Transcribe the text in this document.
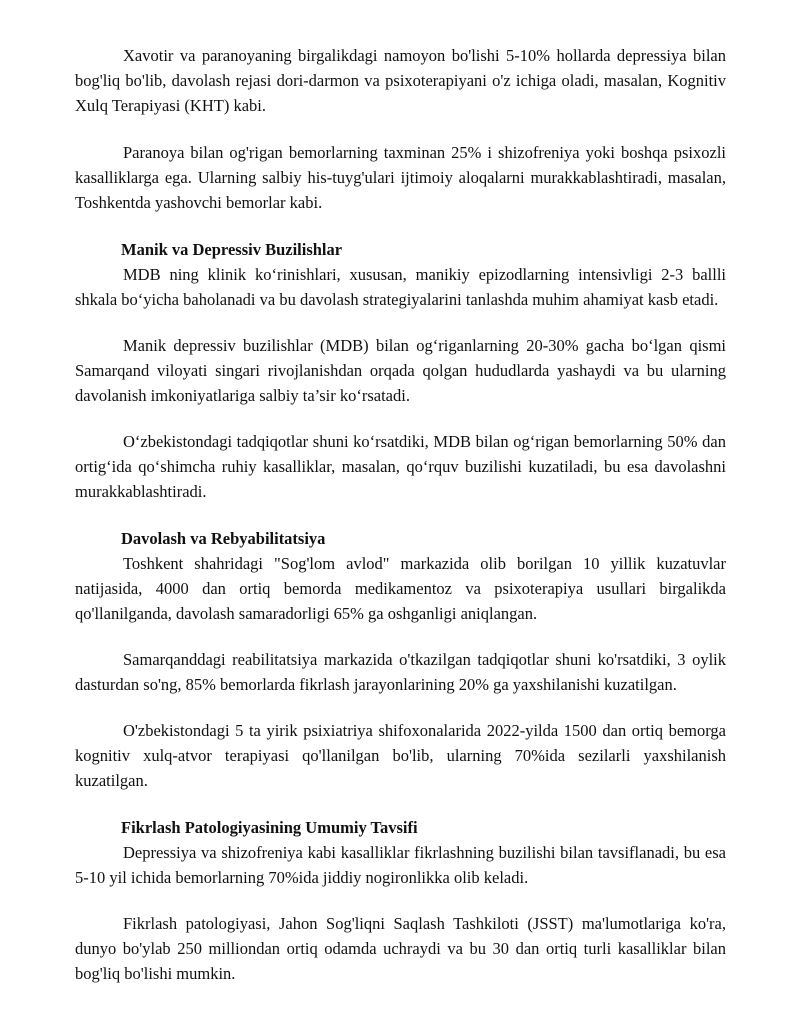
Xavotir va paranoyaning birgalikdagi namoyon bo'lishi 5-10% hollarda depressiya bilan bog'liq bo'lib, davolash rejasi dori-darmon va psixoterapiyani o'z ichiga oladi, masalan, Kognitiv Xulq Terapiyasi (KHT) kabi.

Paranoya bilan og'rigan bemorlarning taxminan 25% i shizofreniya yoki boshqa psixozli kasalliklarga ega. Ularning salbiy his-tuyg'ulari ijtimoiy aloqalarni murakkablashtiradi, masalan, Toshkentda yashovchi bemorlar kabi.

Manik va Depressiv Buzilishlar

MDB ning klinik ko‘rinishlari, xususan, manikiy epizodlarning intensivligi 2-3 ballli shkala bo‘yicha baholanadi va bu davolash strategiyalarini tanlashda muhim ahamiyat kasb etadi.

Manik depressiv buzilishlar (MDB) bilan og‘riganlarning 20-30% gacha bo‘lgan qismi Samarqand viloyati singari rivojlanishdan orqada qolgan hududlarda yashaydi va bu ularning davolanish imkoniyatlariga salbiy ta’sir ko‘rsatadi.

O‘zbekistondagi tadqiqotlar shuni ko‘rsatdiki, MDB bilan og‘rigan bemorlarning 50% dan ortig‘ida qo‘shimcha ruhiy kasalliklar, masalan, qo‘rquv buzilishi kuzatiladi, bu esa davolashni murakkablashtiradi.

Davolash va Rebyabilitatsiya

Toshkent shahridagi "Sog'lom avlod" markazida olib borilgan 10 yillik kuzatuvlar natijasida, 4000 dan ortiq bemorda medikamentoz va psixoterapiya usullari birgalikda qo'llanilganda, davolash samaradorligi 65% ga oshganligi aniqlangan.

Samarqanddagi reabilitatsiya markazida o'tkazilgan tadqiqotlar shuni ko'rsatdiki, 3 oylik dasturdan so'ng, 85% bemorlarda fikrlash jarayonlarining 20% ga yaxshilanishi kuzatilgan.

O'zbekistondagi 5 ta yirik psixiatriya shifoxonalarida 2022-yilda 1500 dan ortiq bemorga kognitiv xulq-atvor terapiyasi qo'llanilgan bo'lib, ularning 70%ida sezilarli yaxshilanish kuzatilgan.

Fikrlash Patologiyasining Umumiy Tavsifi

Depressiya va shizofreniya kabi kasalliklar fikrlashning buzilishi bilan tavsiflanadi, bu esa 5-10 yil ichida bemorlarning 70%ida jiddiy nogironlikka olib keladi.

Fikrlash patologiyasi, Jahon Sog'liqni Saqlash Tashkiloti (JSST) ma'lumotlariga ko'ra, dunyo bo'ylab 250 milliondan ortiq odamda uchraydi va bu 30 dan ortiq turli kasalliklar bilan bog'liq bo'lishi mumkin.
